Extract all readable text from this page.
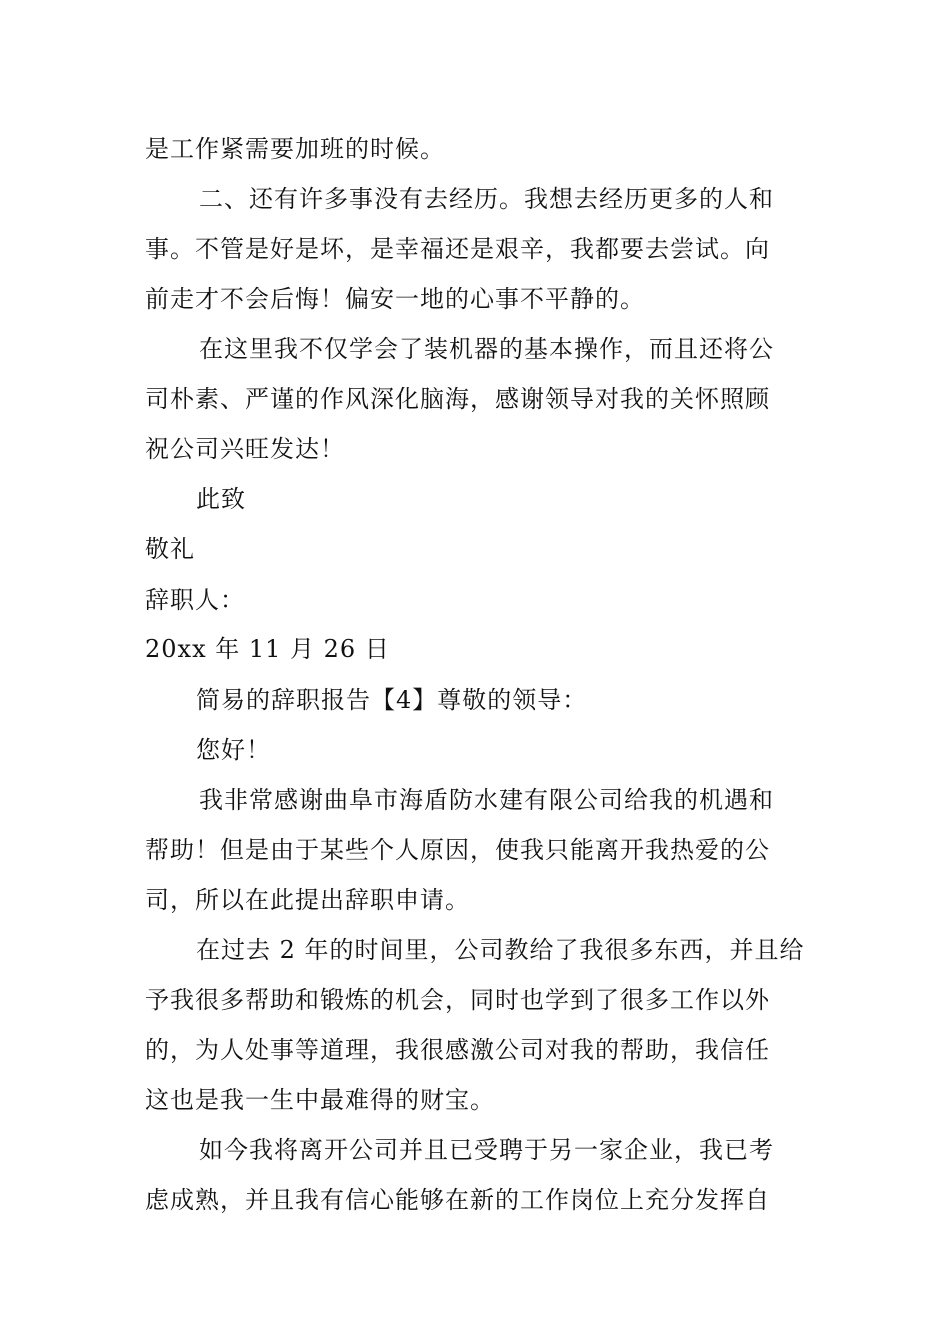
是工作紧需要加班的时候。
二、还有许多事没有去经历。我想去经历更多的人和
事。不管是好是坏，是幸福还是艰辛，我都要去尝试。向
前走才不会后悔！偏安一地的心事不平静的。
在这里我不仅学会了装机器的基本操作，而且还将公
司朴素、严谨的作风深化脑海，感谢领导对我的关怀照顾
祝公司兴旺发达！
此致
敬礼
辞职人：
20xx 年 11 月 26 日
简易的辞职报告【4】尊敬的领导：
您好！
我非常感谢曲阜市海盾防水建有限公司给我的机遇和
帮助！但是由于某些个人原因，使我只能离开我热爱的公
司，所以在此提出辞职申请。
在过去 2 年的时间里，公司教给了我很多东西，并且给
予我很多帮助和锻炼的机会，同时也学到了很多工作以外
的，为人处事等道理，我很感激公司对我的帮助，我信任
这也是我一生中最难得的财宝。
如今我将离开公司并且已受聘于另一家企业，我已考
虑成熟，并且我有信心能够在新的工作岗位上充分发挥自
